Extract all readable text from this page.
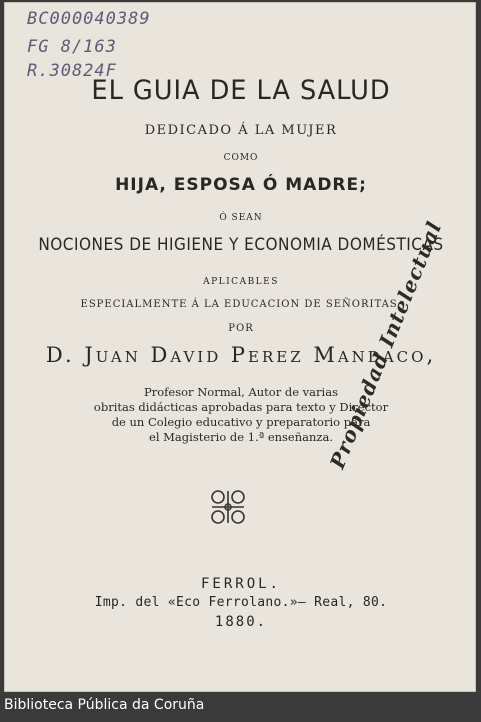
BC000040389
FG 8/163
R.30824F
EL GUIA DE LA SALUD
DEDICADO Á LA MUJER
COMO
HIJA, ESPOSA Ó MADRE;
Ó SEAN
NOCIONES DE HIGIENE Y ECONOMIA DOMÉSTICAS
APLICABLES
ESPECIALMENTE Á LA EDUCACION DE SEÑORITAS,
POR
D. Juan David Perez Mandaco,
Profesor Normal, Autor de varias
obritas didácticas aprobadas para texto y Director
de un Colegio educativo y preparatorio para
el Magisterio de 1.ª enseñanza.
Propiedad Intelectual
FERROL.
Imp. del «Eco Ferrolano.»— Real, 80.
1880.
Biblioteca Pública da Coruña
